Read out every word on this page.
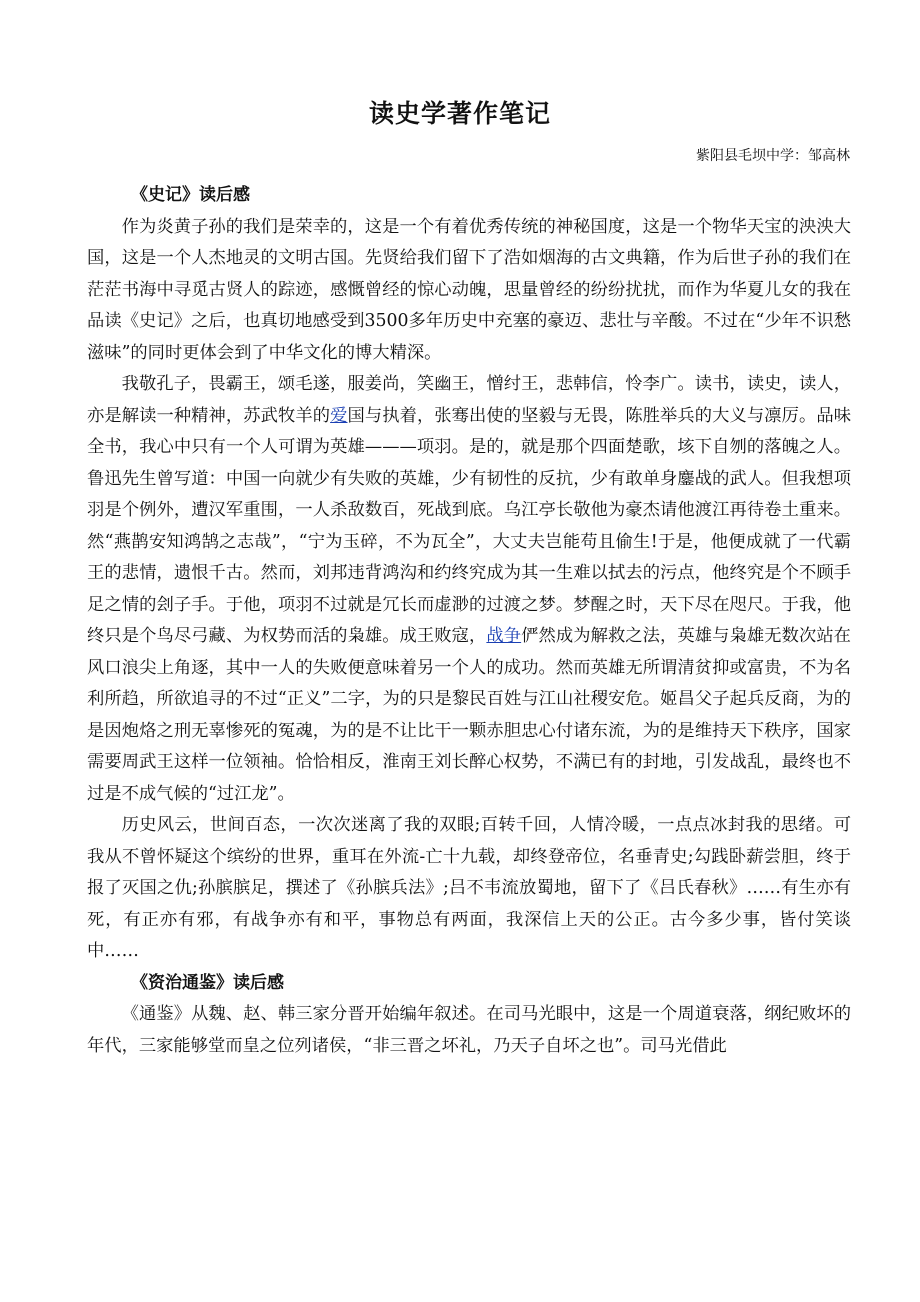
读史学著作笔记

紫阳县毛坝中学：邹高林

《史记》读后感

作为炎黄子孙的我们是荣幸的，这是一个有着优秀传统的神秘国度，这是一个物华天宝的泱泱大国，这是一个人杰地灵的文明古国。先贤给我们留下了浩如烟海的古文典籍，作为后世子孙的我们在茫茫书海中寻觅古贤人的踪迹，感慨曾经的惊心动魄，思量曾经的纷纷扰扰，而作为华夏儿女的我在品读《史记》之后，也真切地感受到3500多年历史中充塞的豪迈、悲壮与辛酸。不过在“少年不识愁滋味”的同时更体会到了中华文化的博大精深。

我敬孔子，畏霸王，颂毛遂，服姜尚，笑幽王，憎纣王，悲韩信，怜李广。读书，读史，读人，亦是解读一种精神，苏武牧羊的爱国与执着，张骞出使的坚毅与无畏，陈胜举兵的大义与凛厉。品味全书，我心中只有一个人可谓为英雄———项羽。是的，就是那个四面楚歌，垓下自刎的落魄之人。鲁迅先生曾写道：中国一向就少有失败的英雄，少有韧性的反抗，少有敢单身鏖战的武人。但我想项羽是个例外，遭汉军重围，一人杀敌数百，死战到底。乌江亭长敬他为豪杰请他渡江再待卷土重来。然“燕鹊安知鸿鹄之志哉”，“宁为玉碎，不为瓦全”，大丈夫岂能苟且偷生!于是，他便成就了一代霸王的悲情，遗恨千古。然而，刘邦违背鸿沟和约终究成为其一生难以拭去的污点，他终究是个不顾手足之情的刽子手。于他，项羽不过就是冗长而虚渺的过渡之梦。梦醒之时，天下尽在咫尺。于我，他终只是个鸟尽弓藏、为权势而活的枭雄。成王败寇，战争俨然成为解救之法，英雄与枭雄无数次站在风口浪尖上角逐，其中一人的失败便意味着另一个人的成功。然而英雄无所谓清贫抑或富贵，不为名利所趋，所欲追寻的不过“正义”二字，为的只是黎民百姓与江山社稷安危。姬昌父子起兵反商，为的是因炮烙之刑无辜惨死的冤魂，为的是不让比干一颗赤胆忠心付诸东流，为的是维持天下秩序，国家需要周武王这样一位领袖。恰恰相反，淮南王刘长醉心权势，不满已有的封地，引发战乱，最终也不过是不成气候的“过江龙”。

历史风云，世间百态，一次次迷离了我的双眼;百转千回，人情冷暖，一点点冰封我的思绪。可我从不曾怀疑这个缤纷的世界，重耳在外流-亡十九载，却终登帝位，名垂青史;勾践卧薪尝胆，终于报了灭国之仇;孙膑膑足，撰述了《孙膑兵法》;吕不韦流放蜀地，留下了《吕氏春秋》……有生亦有死，有正亦有邪，有战争亦有和平，事物总有两面，我深信上天的公正。古今多少事，皆付笑谈中……

《资治通鉴》读后感

《通鉴》从魏、赵、韩三家分晋开始编年叙述。在司马光眼中，这是一个周道衰落，纲纪败坏的年代，三家能够堂而皇之位列诸侯，“非三晋之坏礼，乃天子自坏之也”。司马光借此
